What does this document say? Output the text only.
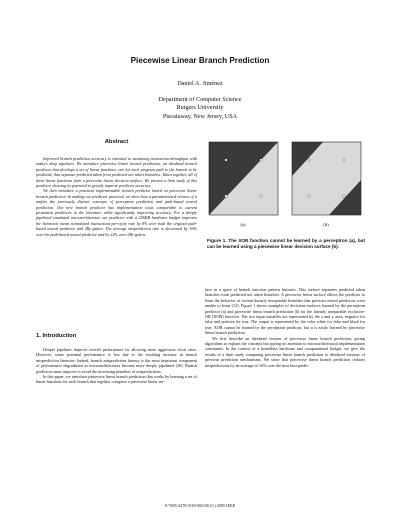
Piecewise Linear Branch Prediction
Daniel A. Jiménez
Department of Computer Science
Rutgers University
Piscataway, New Jersey, USA
Abstract

Improved branch prediction accuracy is essential to sustaining instruction throughput with today's deep pipelines. We introduce piecewise linear branch prediction, an idealized branch predictor that develops a set of linear functions, one for each program path to the branch to be predicted, that separate predicted taken from predicted not taken branches. Taken together, all of these linear functions form a piecewise linear decision surface. We present a limit study of this predictor showing its potential to greatly improve predictor accuracy.

We then introduce a practical implementable branch predictor based on piecewise linear branch prediction. In making our predictor practical, we show how a parameterized version of it unifies the previously distinct concepts of perceptron prediction and path-based neural prediction. Our new branch predictor has implementation costs comparable to current prominent predictors in the literature while significantly improving accuracy. For a deeply pipelined simulated microarchitecture our predictor with a 256KB hardware budget improves the harmonic mean normalized instructions-per-cycle rate by 8% over both the original path-based neural predictor and 2Bc-gskew. The average misprediction rate is decreased by 16% over the path-based neural predictor and by 22% over 2Bc-gskew.

1. Introduction

Deeper pipelines improve overall performance by allowing more aggressive clock rates. However, some potential performance is lost due to the resulting increase in branch misprediction latencies. Indeed, branch misprediction latency is the most important component of performance degradation as microarchitectures become more deeply pipelined [20]. Branch predictors must improve to avoid the increasing penalties of mispredictions.

In this paper, we introduce piecewise linear branch prediction that works by learning a set of linear functions for each branch that together comprise a piecewise linear sur-

(a)	(b)
Figure 1. The XOR function cannot be learned by a perceptron (a), but can be learned using a piecewise linear decision surface (b).

face in a space of branch outcome pattern histories. This surface separates predicted taken branches from predicted not taken branches. A piecewise linear surface allows the predictor to learn the behavior of certain linearly inseparable branches that previous neural predictors were unable to learn [12]. Figure 1 shows examples of decisions surfaces learned by the perceptron predictor (a) and piecewise linear branch prediction (b) for the linearly inseparable exclusive-OR (XOR) function. The two input variables are represented by the x and y axes, negative for false and positive for true. The output is represented by the color white for false and black for true. XOR cannot be learned by the perceptron predictor, but it is easily learned by piecewise linear branch prediction.

We first describe an idealized version of piecewise linear branch prediction, giving algorithms to explain the concepts but paying no attention to microarchitectural implementation constraints. In the context of a boundless hardware and computational budget, we give the results of a limit study comparing piecewise linear branch prediction to idealized versions of previous prediction mechanisms. We show that piecewise linear branch prediction reduces mispredictions by an average of 16% over the next best predic-

0-7695-2270-X/05/$20.00 (C) 2005 IEEE
